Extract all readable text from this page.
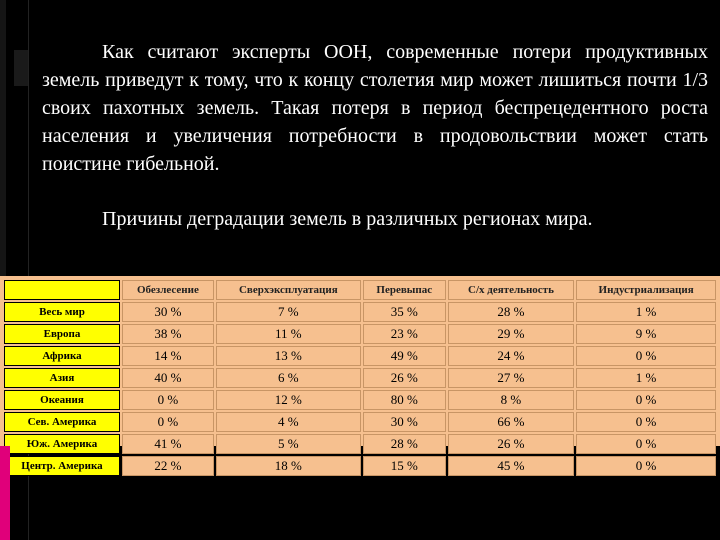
Как считают эксперты ООН, современные потери продуктивных земель приведут к тому, что к концу столетия мир может лишиться почти 1/3 своих пахотных земель. Такая потеря в период беспрецедентного роста населения и увеличения потребности в продовольствии может стать поистине гибельной.

Причины деградации земель в различных регионах мира.

	Обезлесение	Сверхэксплуатация	Перевыпас	С/х деятельность	Индустриализация
Весь мир	30 %	7 %	35 %	28 %	1 %
Европа	38 %	11 %	23 %	29 %	9 %
Африка	14 %	13 %	49 %	24 %	0 %
Азия	40 %	6 %	26 %	27 %	1 %
Океания	0 %	12 %	80 %	8 %	0 %
Сев. Америка	0 %	4 %	30 %	66 %	0 %
Юж. Америка	41 %	5 %	28 %	26 %	0 %
Центр. Америка	22 %	18 %	15 %	45 %	0 %
